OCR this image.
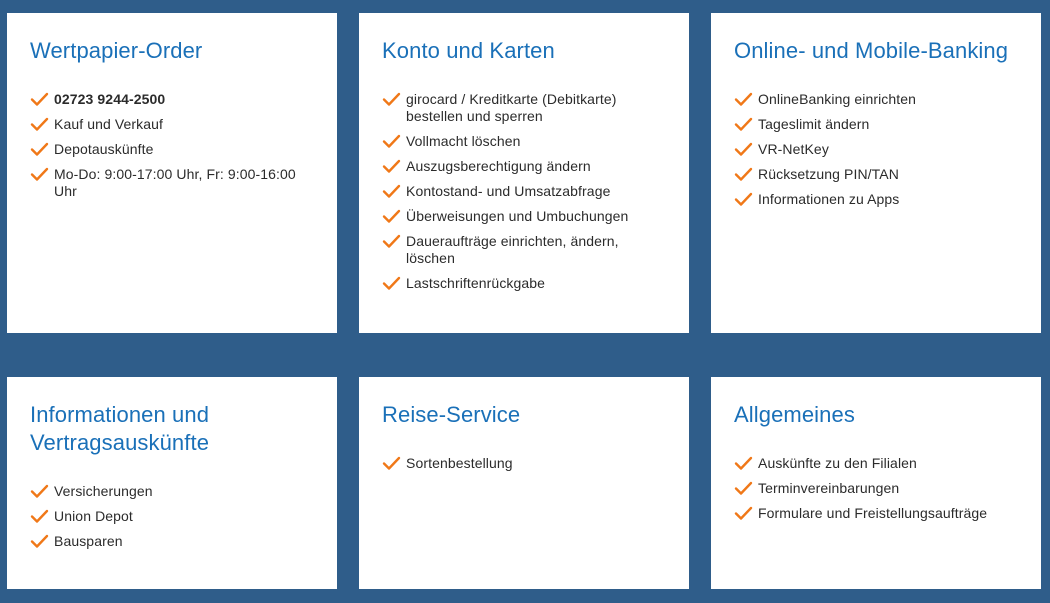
Wertpapier-Order
02723 9244-2500
Kauf und Verkauf
Depotauskünfte
Mo-Do: 9:00-17:00 Uhr, Fr: 9:00-16:00 Uhr
Konto und Karten
girocard / Kreditkarte (Debitkarte) bestellen und sperren
Vollmacht löschen
Auszugsberechtigung ändern
Kontostand- und Umsatzabfrage
Überweisungen und Umbuchungen
Daueraufträge einrichten, ändern, löschen
Lastschriftenrückgabe
Online- und Mobile-Banking
OnlineBanking einrichten
Tageslimit ändern
VR-NetKey
Rücksetzung PIN/TAN
Informationen zu Apps
Informationen und Vertragsauskünfte
Versicherungen
Union Depot
Bausparen
Reise-Service
Sortenbestellung
Allgemeines
Auskünfte zu den Filialen
Terminvereinbarungen
Formulare und Freistellungsaufträge
